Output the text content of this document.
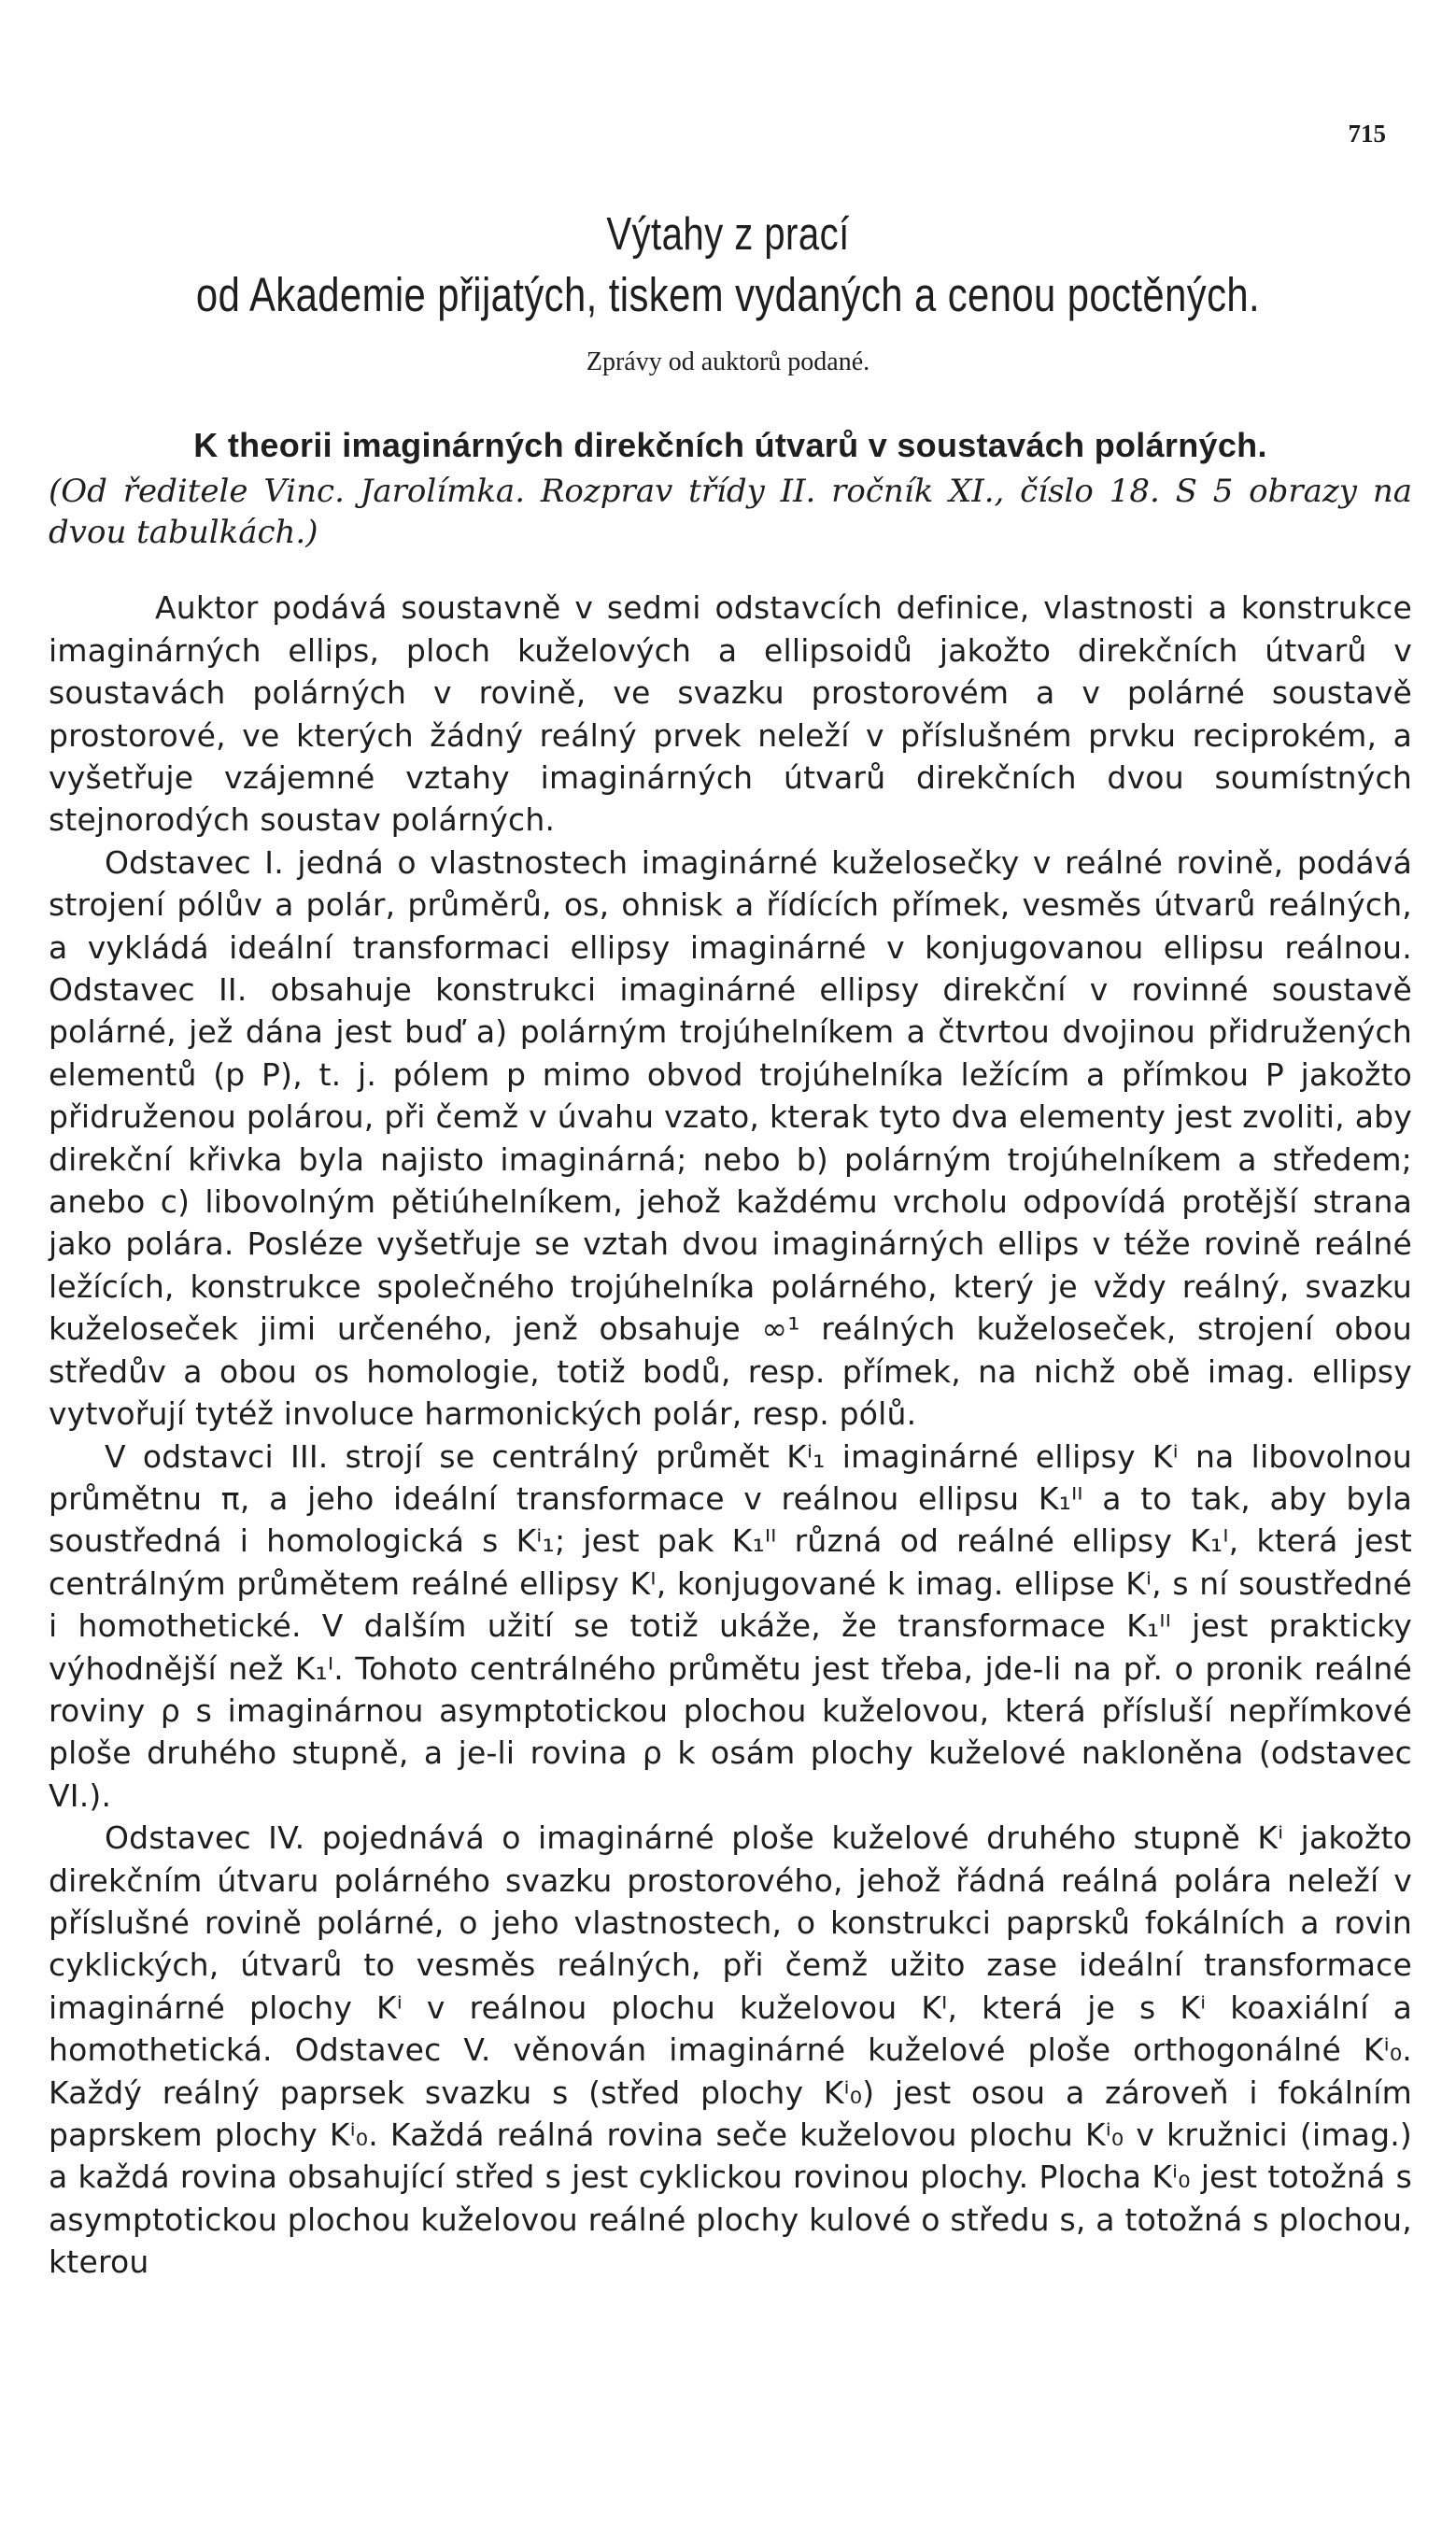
715
Výtahy z prací
od Akademie přijatých, tiskem vydaných a cenou poctěných.
Zprávy od auktorů podané.
K theorii imaginárných direkčních útvarů v soustavách polárných.
(Od ředitele Vinc. Jarolímka. Rozprav třídy II. ročník XI., číslo 18. S 5 obrazy na dvou tabulkách.)

Auktor podává soustavně v sedmi odstavcích definice, vlastnosti a konstrukce imaginárných ellips, ploch kuželových a ellipsoidů jakožto direkčních útvarů v soustavách polárných v rovině, ve svazku prostorovém a v polárné soustavě prostorové, ve kterých žádný reálný prvek neleží v příslušném prvku reciprokém, a vyšetřuje vzájemné vztahy imaginárných útvarů direkčních dvou soumístných stejnorodých soustav polárných.

Odstavec I. jedná o vlastnostech imaginárné kuželosečky v reálné rovině, podává strojení pólův a polár, průměrů, os, ohnisk a řídících přímek, vesměs útvarů reálných, a vykládá ideální transformaci ellipsy imaginárné v konjugovanou ellipsu reálnou. Odstavec II. obsahuje konstrukci imaginárné ellipsy direkční v rovinné soustavě polárné, jež dána jest buď a) polárným trojúhelníkem a čtvrtou dvojinou přidružených elementů (p P), t. j. pólem p mimo obvod trojúhelníka ležícím a přímkou P jakožto přidruženou polárou, při čemž v úvahu vzato, kterak tyto dva elementy jest zvoliti, aby direkční křivka byla najisto imaginárná; nebo b) polárným trojúhelníkem a středem; anebo c) libovolným pětiúhelníkem, jehož každému vrcholu odpovídá protější strana jako polára. Posléze vyšetřuje se vztah dvou imaginárných ellips v téže rovině reálné ležících, konstrukce společného trojúhelníka polárného, který je vždy reálný, svazku kuželoseček jimi určeného, jenž obsahuje ∞¹ reálných kuželoseček, strojení obou středův a obou os homologie, totiž bodů, resp. přímek, na nichž obě imag. ellipsy vytvořují tytéž involuce harmonických polár, resp. pólů.

V odstavci III. strojí se centrálný průmět Kⁱ₁ imaginárné ellipsy Kⁱ na libovolnou průmětnu π, a jeho ideální transformace v reálnou ellipsu K₁ᴵᴵ a to tak, aby byla soustředná i homologická s Kⁱ₁; jest pak K₁ᴵᴵ různá od reálné ellipsy K₁ᴵ, která jest centrálným průmětem reálné ellipsy Kᴵ, konjugované k imag. ellipse Kⁱ, s ní soustředné i homothetické. V dalším užití se totiž ukáže, že transformace K₁ᴵᴵ jest prakticky výhodnější než K₁ᴵ. Tohoto centrálného průmětu jest třeba, jde-li na př. o pronik reálné roviny ρ s imaginárnou asymptotickou plochou kuželovou, která přísluší nepřímkové ploše druhého stupně, a je-li rovina ρ k osám plochy kuželové nakloněna (odstavec VI.).

Odstavec IV. pojednává o imaginárné ploše kuželové druhého stupně Kⁱ jakožto direkčním útvaru polárného svazku prostorového, jehož řádná reálná polára neleží v příslušné rovině polárné, o jeho vlastnostech, o konstrukci paprsků fokálních a rovin cyklických, útvarů to vesměs reálných, při čemž užito zase ideální transformace imaginárné plochy Kⁱ v reálnou plochu kuželovou Kᴵ, která je s Kⁱ koaxiální a homothetická. Odstavec V. věnován imaginárné kuželové ploše orthogonálné Kⁱ₀. Každý reálný paprsek svazku s (střed plochy Kⁱ₀) jest osou a zároveň i fokálním paprskem plochy Kⁱ₀. Každá reálná rovina seče kuželovou plochu Kⁱ₀ v kružnici (imag.) a každá rovina obsahující střed s jest cyklickou rovinou plochy. Plocha Kⁱ₀ jest totožná s asymptotickou plochou kuželovou reálné plochy kulové o středu s, a totožná s plochou, kterou
